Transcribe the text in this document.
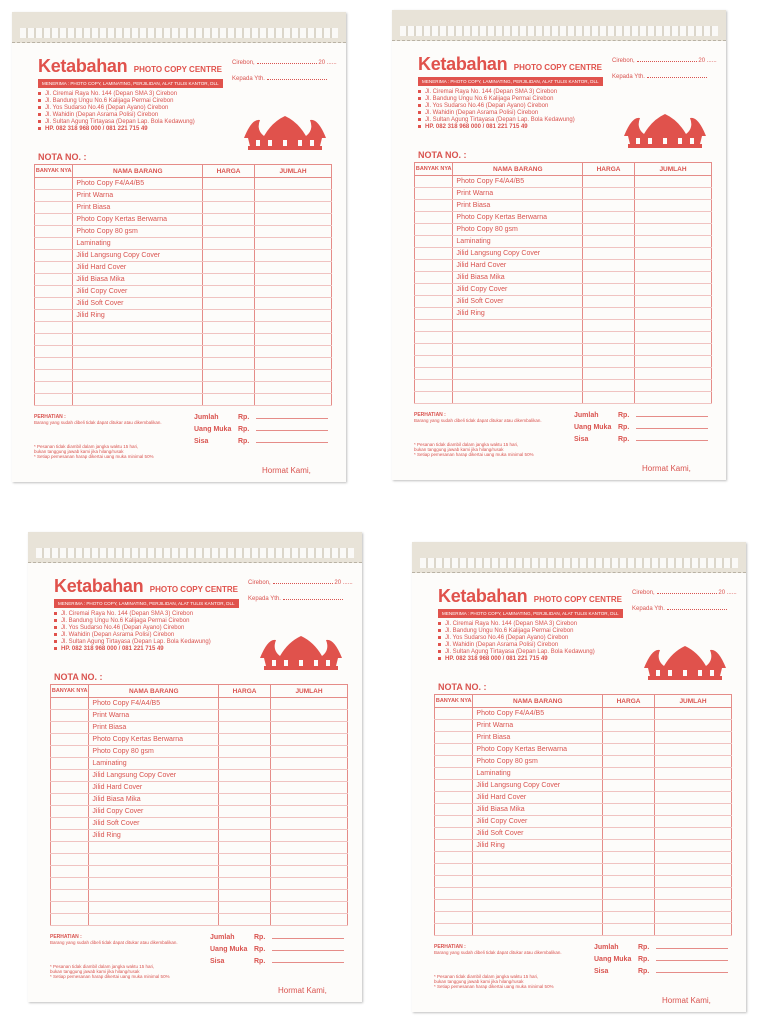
Ketabahan PHOTO COPY CENTRE
MENERIMA : PHOTO COPY, LAMINATING, PERJILIDAN, ALAT TULIS KANTOR, DLL
Jl. Ciremai Raya No. 144 (Depan SMA 3) Cirebon
Jl. Bandung Ungu No.6 Kalijaga Permai Cirebon
Jl. Yos Sudarso No.46 (Depan Ayano) Cirebon
Jl. Wahidin (Depan Asrama Polisi) Cirebon
Jl. Sultan Agung Tirtayasa (Depan Lap. Bola Kedawung)
HP. 082 318 968 000 / 081 221 715 49
Cirebon,	20 ......
Kepada Yth.
NOTA NO. :
BANYAK NYA	NAMA BARANG	HARGA	JUMLAH
	Photo Copy F4/A4/B5		
	Print Warna		
	Print Biasa		
	Photo Copy Kertas Berwarna		
	Photo Copy 80 gsm		
	Laminating		
	Jilid Langsung Copy Cover		
	Jilid Hard Cover		
	Jilid Biasa Mika		
	Jilid Copy Cover		
	Jilid Soft Cover		
	Jilid Ring		

PERHATIAN :
Barang yang sudah dibeli tidak dapat ditukar atau dikembalikan.
Jumlah	Rp.
Uang Muka Rp.
Sisa	Rp.
* Pesanan tidak diambil dalam jangka waktu 15 hari,
bukan tanggung jawab kami jika hilang/rusak
* Setiap pemesanan harap dikertai uang muka minimal 50%
Hormat Kami,
Ketabahan PHOTO COPY CENTRE
MENERIMA : PHOTO COPY, LAMINATING, PERJILIDAN, ALAT TULIS KANTOR, DLL
Jl. Ciremai Raya No. 144 (Depan SMA 3) Cirebon
Jl. Bandung Ungu No.6 Kalijaga Permai Cirebon
Jl. Yos Sudarso No.46 (Depan Ayano) Cirebon
Jl. Wahidin (Depan Asrama Polisi) Cirebon
Jl. Sultan Agung Tirtayasa (Depan Lap. Bola Kedawung)
HP. 082 318 968 000 / 081 221 715 49
Cirebon,	20 ......
Kepada Yth.
NOTA NO. :
BANYAK NYA	NAMA BARANG	HARGA	JUMLAH
	Photo Copy F4/A4/B5		
	Print Warna		
	Print Biasa		
	Photo Copy Kertas Berwarna		
	Photo Copy 80 gsm		
	Laminating		
	Jilid Langsung Copy Cover		
	Jilid Hard Cover		
	Jilid Biasa Mika		
	Jilid Copy Cover		
	Jilid Soft Cover		
	Jilid Ring		

PERHATIAN :
Barang yang sudah dibeli tidak dapat ditukar atau dikembalikan.
Jumlah	Rp.
Uang Muka Rp.
Sisa	Rp.
* Pesanan tidak diambil dalam jangka waktu 15 hari,
bukan tanggung jawab kami jika hilang/rusak
* Setiap pemesanan harap dikertai uang muka minimal 50%
Hormat Kami,
Ketabahan PHOTO COPY CENTRE
MENERIMA : PHOTO COPY, LAMINATING, PERJILIDAN, ALAT TULIS KANTOR, DLL
Jl. Ciremai Raya No. 144 (Depan SMA 3) Cirebon
Jl. Bandung Ungu No.6 Kalijaga Permai Cirebon
Jl. Yos Sudarso No.46 (Depan Ayano) Cirebon
Jl. Wahidin (Depan Asrama Polisi) Cirebon
Jl. Sultan Agung Tirtayasa (Depan Lap. Bola Kedawung)
HP. 082 318 968 000 / 081 221 715 49
Cirebon,	20 ......
Kepada Yth.
NOTA NO. :
BANYAK NYA	NAMA BARANG	HARGA	JUMLAH
	Photo Copy F4/A4/B5		
	Print Warna		
	Print Biasa		
	Photo Copy Kertas Berwarna		
	Photo Copy 80 gsm		
	Laminating		
	Jilid Langsung Copy Cover		
	Jilid Hard Cover		
	Jilid Biasa Mika		
	Jilid Copy Cover		
	Jilid Soft Cover		
	Jilid Ring		

PERHATIAN :
Barang yang sudah dibeli tidak dapat ditukar atau dikembalikan.
Jumlah	Rp.
Uang Muka Rp.
Sisa	Rp.
* Pesanan tidak diambil dalam jangka waktu 15 hari,
bukan tanggung jawab kami jika hilang/rusak
* Setiap pemesanan harap dikertai uang muka minimal 50%
Hormat Kami,
Ketabahan PHOTO COPY CENTRE
MENERIMA : PHOTO COPY, LAMINATING, PERJILIDAN, ALAT TULIS KANTOR, DLL
Jl. Ciremai Raya No. 144 (Depan SMA 3) Cirebon
Jl. Bandung Ungu No.6 Kalijaga Permai Cirebon
Jl. Yos Sudarso No.46 (Depan Ayano) Cirebon
Jl. Wahidin (Depan Asrama Polisi) Cirebon
Jl. Sultan Agung Tirtayasa (Depan Lap. Bola Kedawung)
HP. 082 318 968 000 / 081 221 715 49
Cirebon,	20 ......
Kepada Yth.
NOTA NO. :
BANYAK NYA	NAMA BARANG	HARGA	JUMLAH
	Photo Copy F4/A4/B5		
	Print Warna		
	Print Biasa		
	Photo Copy Kertas Berwarna		
	Photo Copy 80 gsm		
	Laminating		
	Jilid Langsung Copy Cover		
	Jilid Hard Cover		
	Jilid Biasa Mika		
	Jilid Copy Cover		
	Jilid Soft Cover		
	Jilid Ring		

PERHATIAN :
Barang yang sudah dibeli tidak dapat ditukar atau dikembalikan.
Jumlah	Rp.
Uang Muka Rp.
Sisa	Rp.
* Pesanan tidak diambil dalam jangka waktu 15 hari,
bukan tanggung jawab kami jika hilang/rusak
* Setiap pemesanan harap dikertai uang muka minimal 50%
Hormat Kami,
